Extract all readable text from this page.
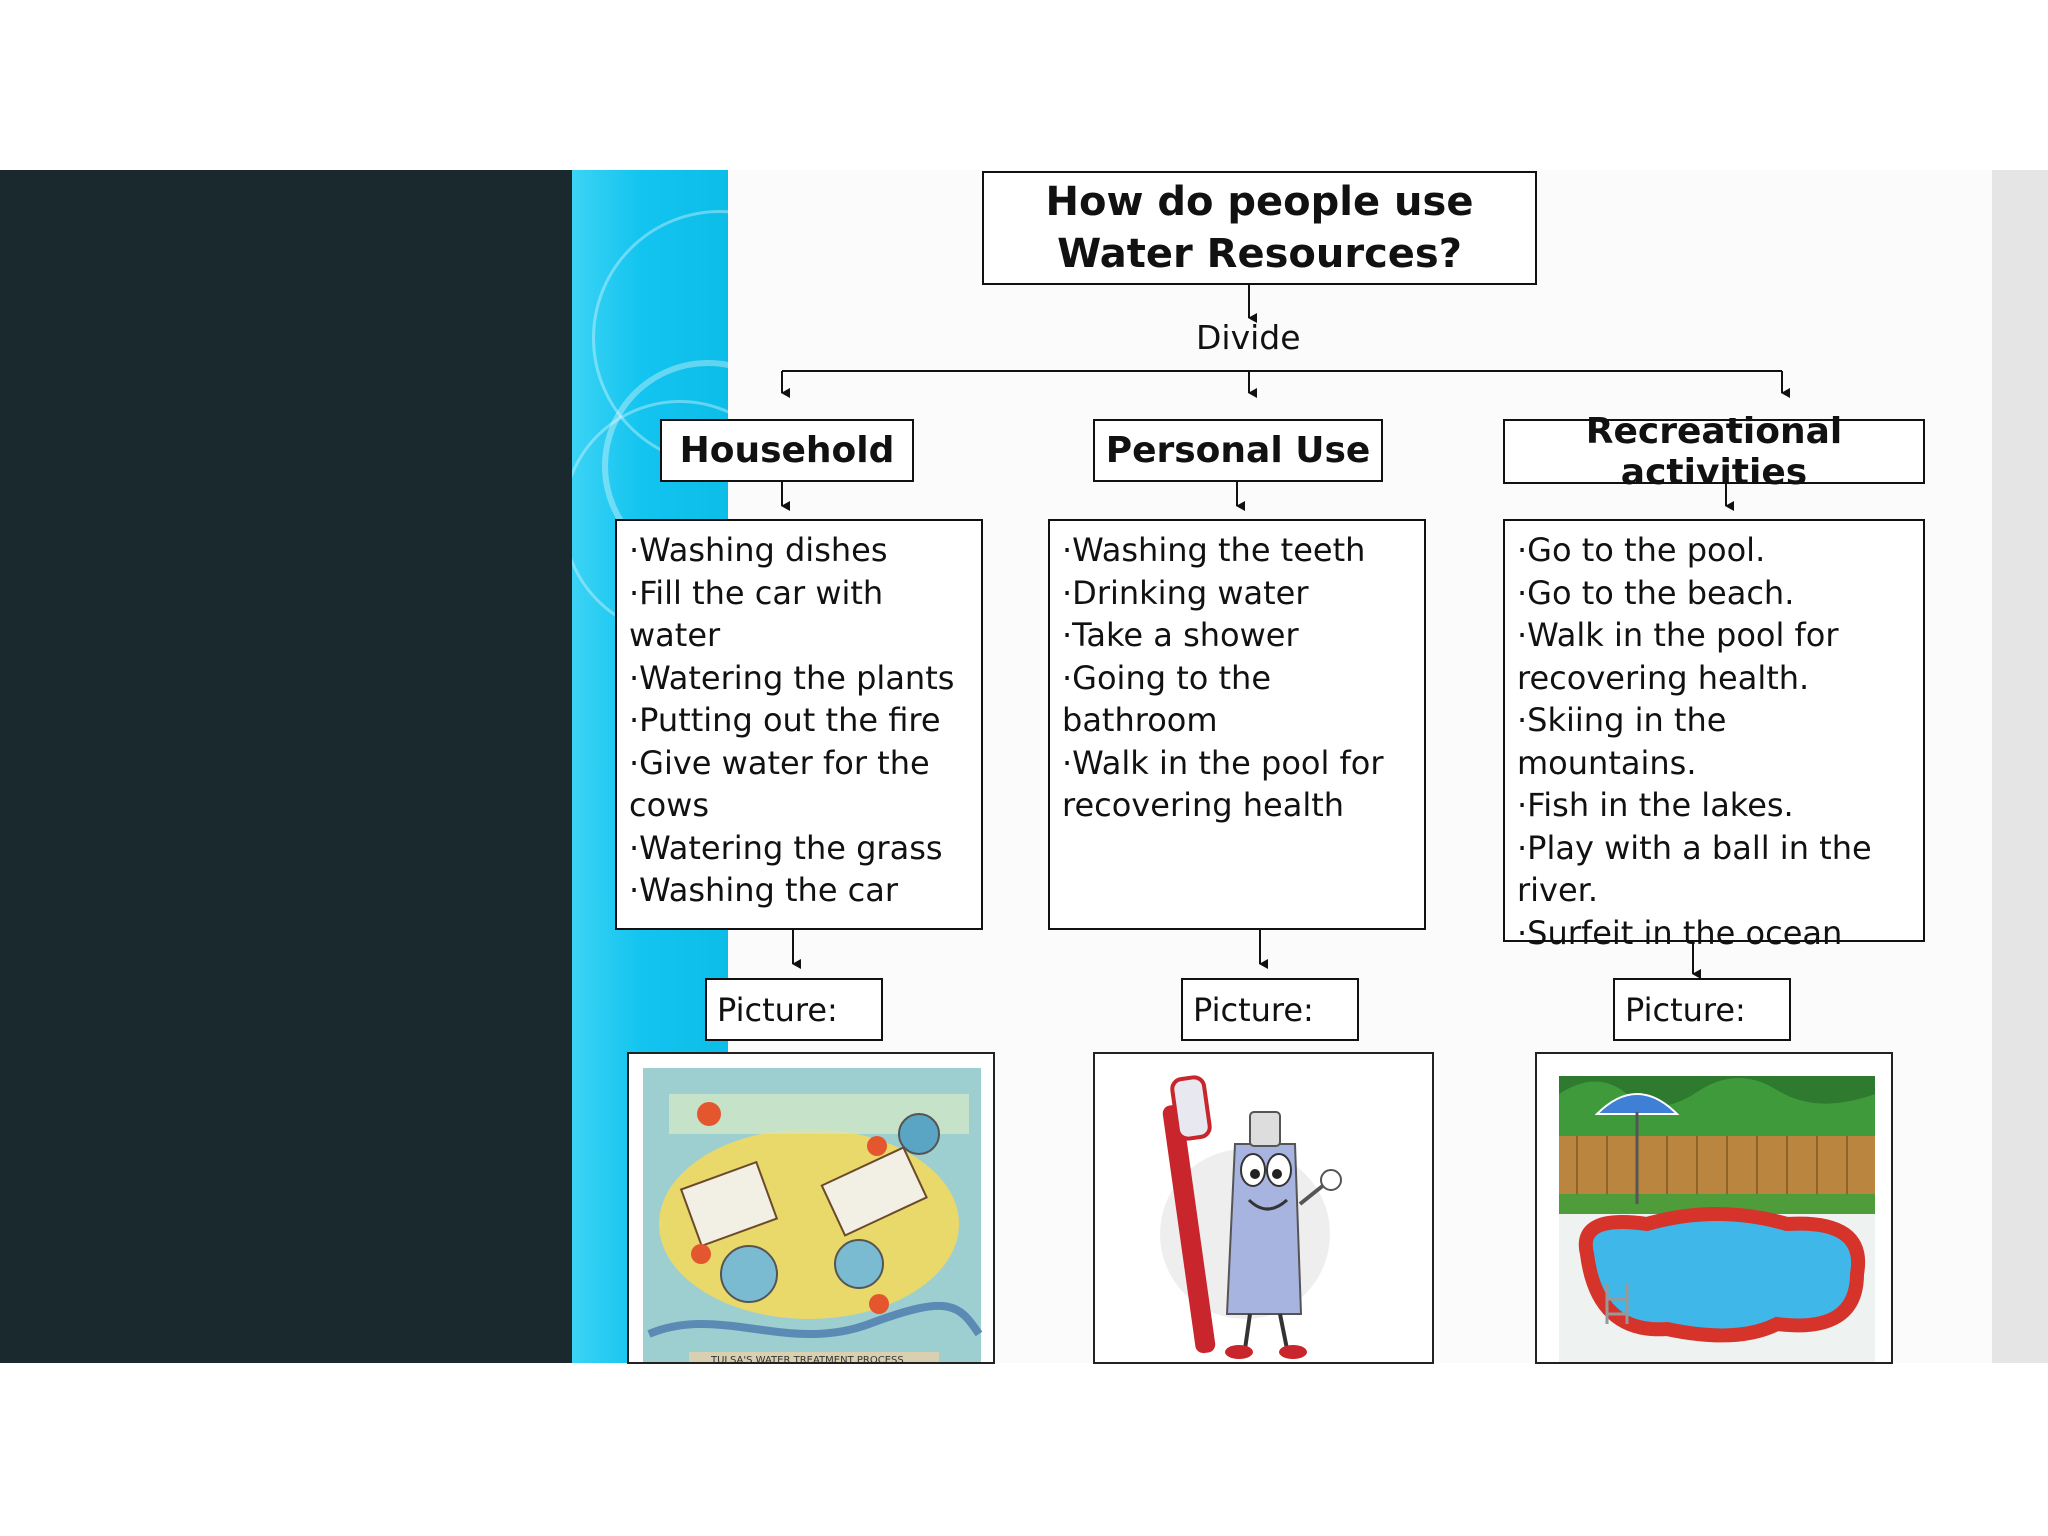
How do people use Water Resources?
Divide
Household	Personal Use	Recreational activities
· Washing dishes
· Fill the car with water
· Watering the plants
· Putting out the fire
· Give water for the cows
· Watering the grass
· Washing the car
· Washing the teeth
· Drinking water
· Take a shower
· Going to the bathroom
· Walk in the pool for recovering health
· Go to the pool.
· Go to the beach.
· Walk in the pool for recovering health.
· Skiing in the mountains.
· Fish in the lakes.
· Play with a ball in the river.
· Surfeit in the ocean
Picture:	Picture:	Picture:
TULSA'S WATER TREATMENT PROCESS
